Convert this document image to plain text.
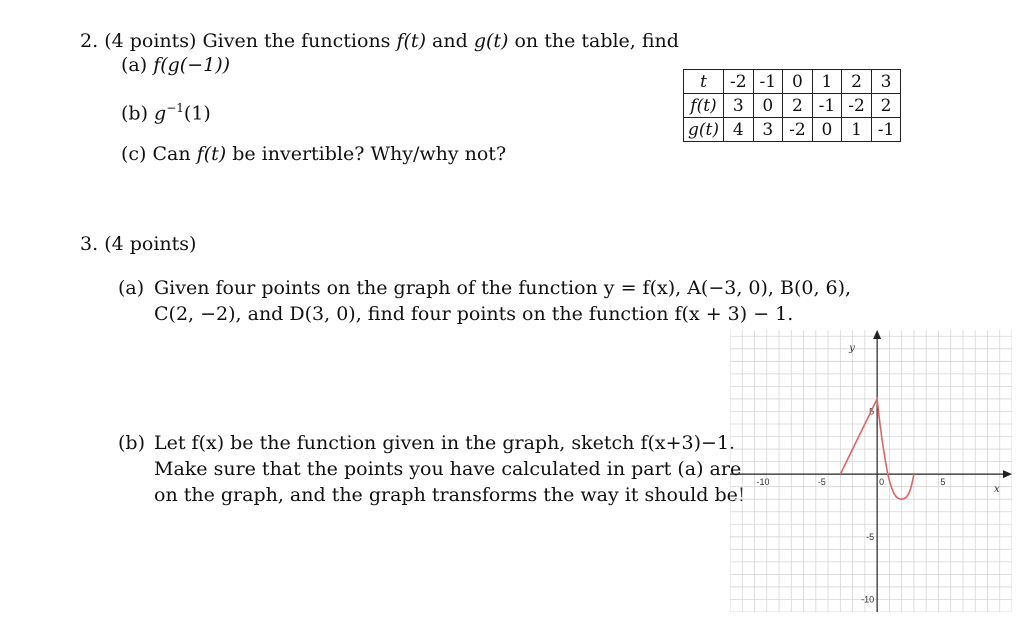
2. (4 points) Given the functions f(t) and g(t) on the table, find
(a) f(g(−1))
(b) $g^{-1}(1)$
(c) Can f(t) be invertible? Why/why not?
t	-2	-1	0	1	2	3
f(t)	3	0	2	-1	-2	2
g(t)	4	3	-2	0	1	-1
3. (4 points)
(a) Given four points on the graph of the function y = f(x), A(−3, 0), B(0, 6),
C(2, −2), and D(3, 0), find four points on the function f(x + 3) − 1.
(b) Let f(x) be the function given in the graph, sketch f(x+3)−1.
Make sure that the points you have calculated in part (a) are
on the graph, and the graph transforms the way it should be!
-10	-5	0	5
5
-5
-10
x
y
